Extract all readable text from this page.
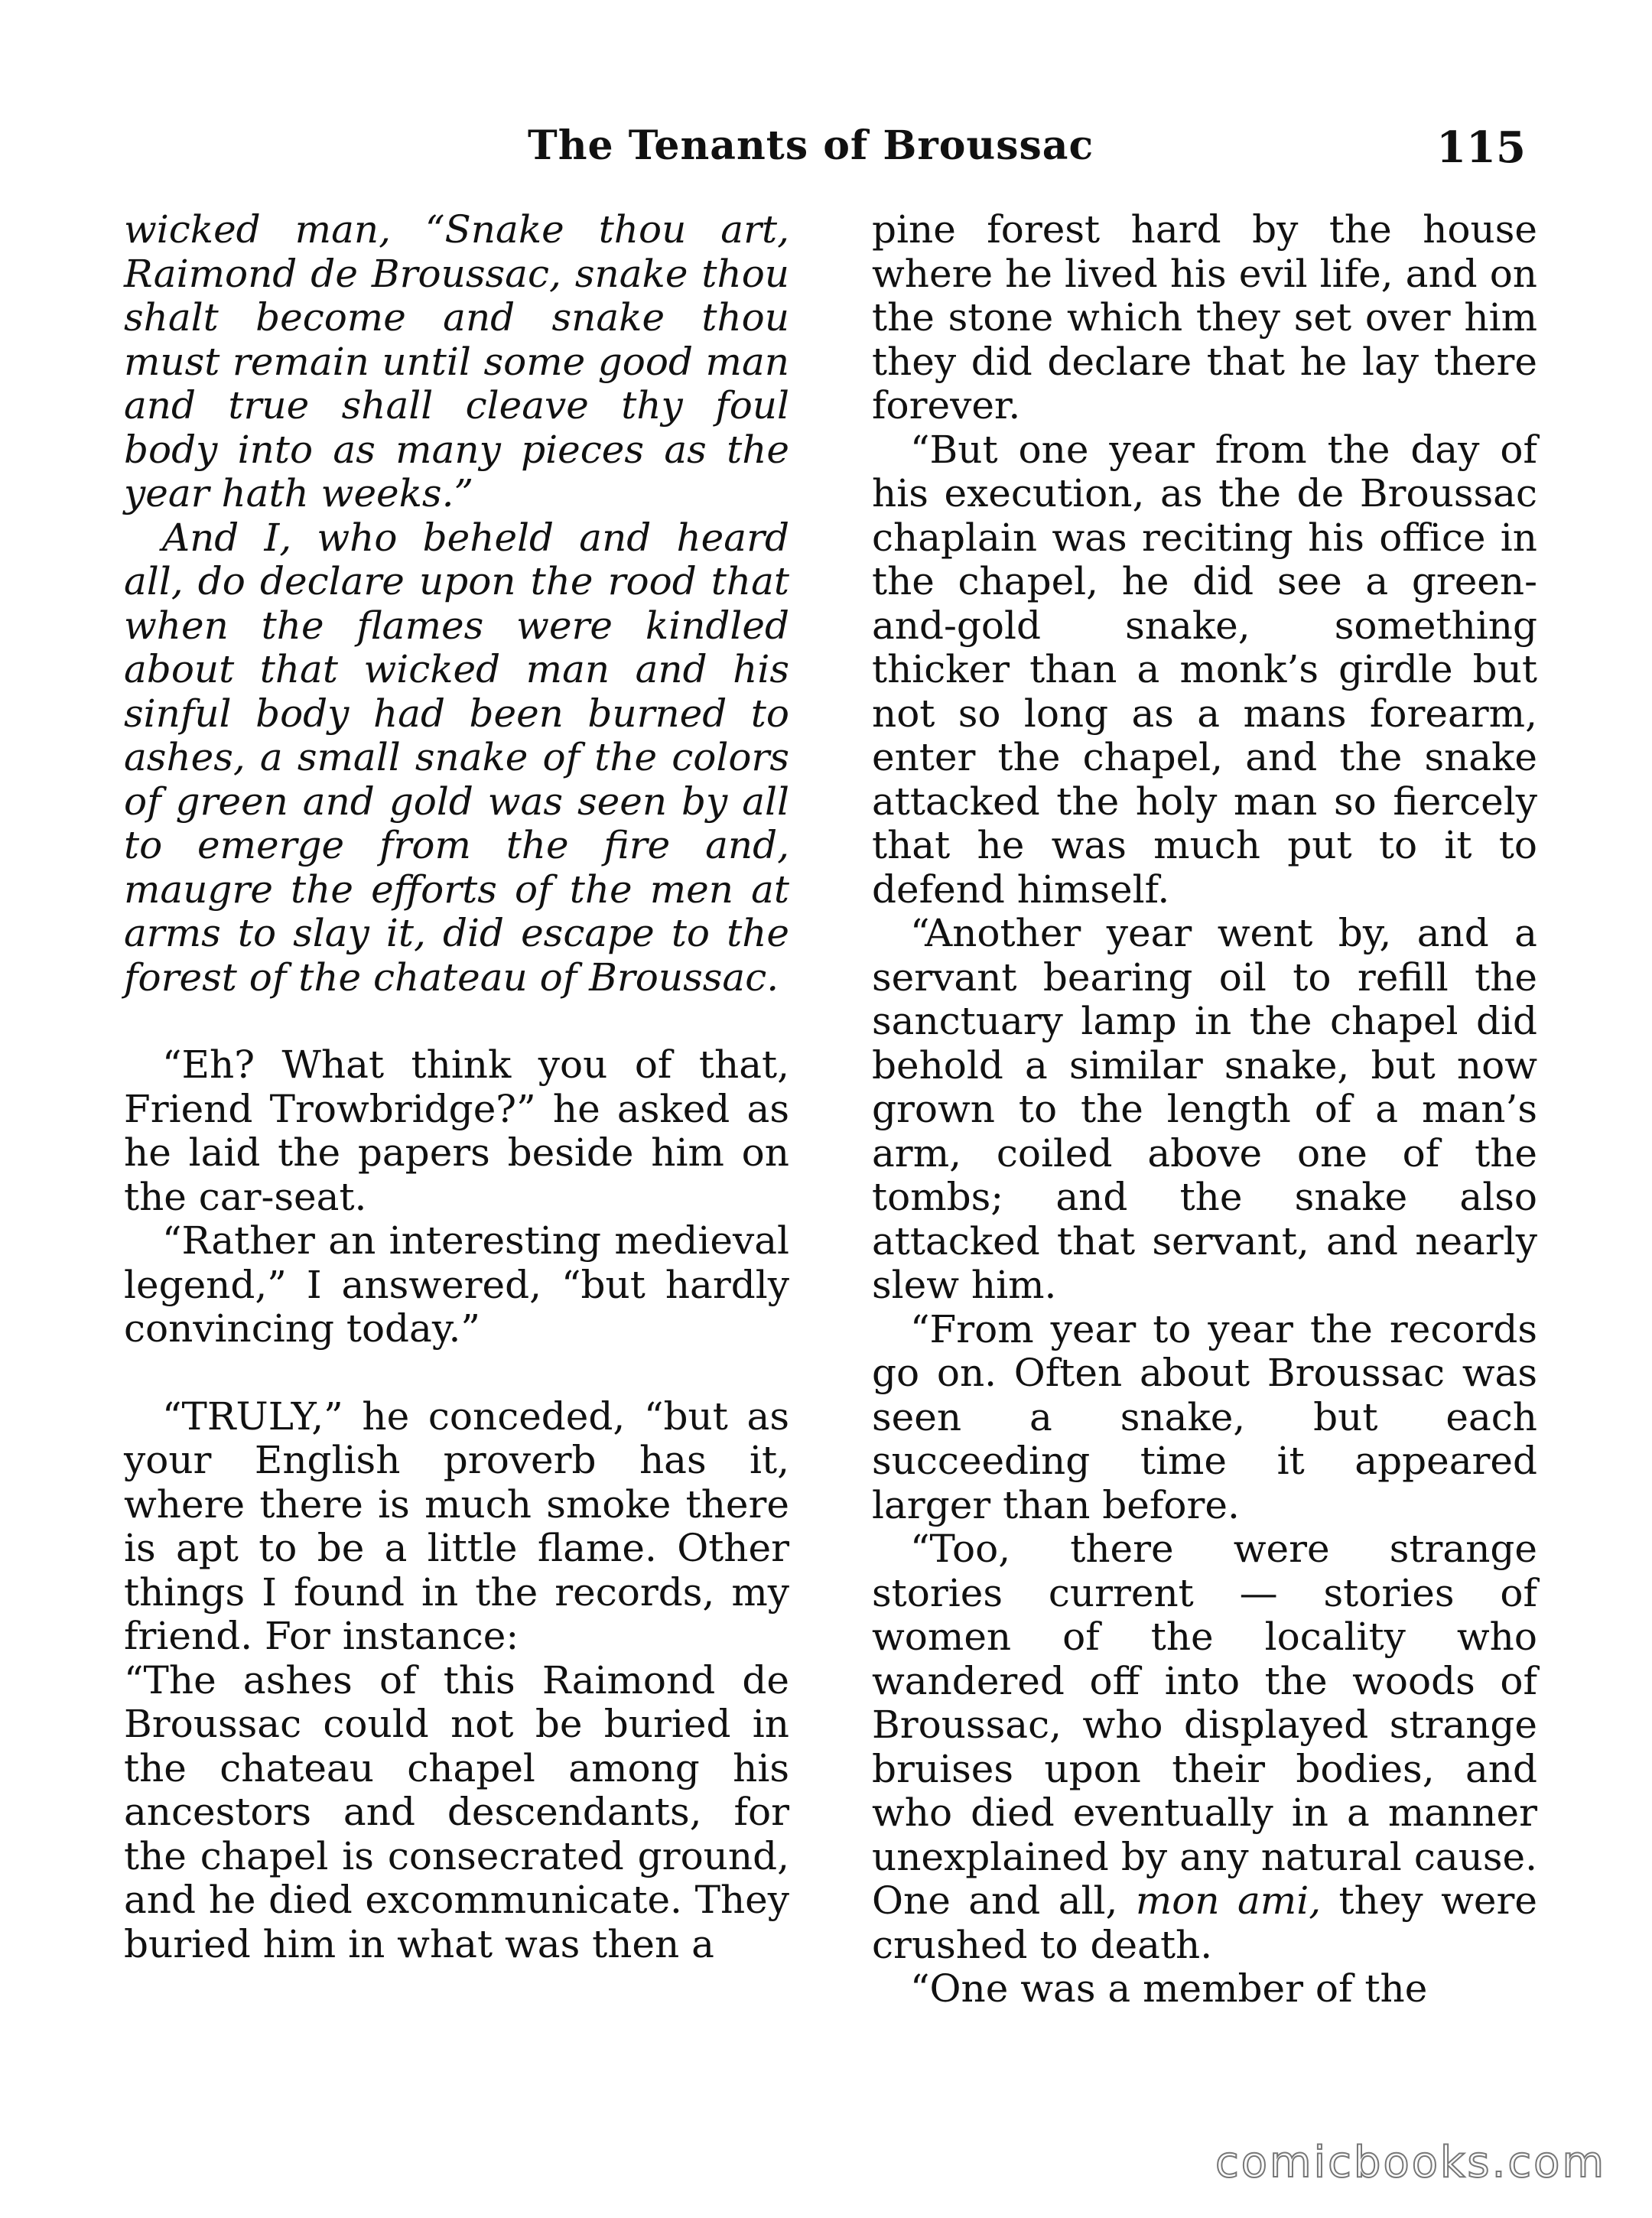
The Tenants of Broussac	115

wicked man, “Snake thou art, Raimond de Broussac, snake thou shalt become and snake thou must remain until some good man and true shall cleave thy foul body into as many pieces as the year hath weeks.”

And I, who beheld and heard all, do declare upon the rood that when the flames were kindled about that wicked man and his sinful body had been burned to ashes, a small snake of the colors of green and gold was seen by all to emerge from the fire and, maugre the efforts of the men at arms to slay it, did escape to the forest of the chateau of Broussac.

“Eh? What think you of that, Friend Trowbridge?” he asked as he laid the papers beside him on the car-seat.

“Rather an interesting medieval legend,” I answered, “but hardly convincing today.”

“TRULY,” he conceded, “but as your English proverb has it, where there is much smoke there is apt to be a little flame. Other things I found in the records, my friend. For instance:

“The ashes of this Raimond de Broussac could not be buried in the chateau chapel among his ancestors and descendants, for the chapel is consecrated ground, and he died excommunicate. They buried him in what was then a

pine forest hard by the house where he lived his evil life, and on the stone which they set over him they did declare that he lay there forever.

“But one year from the day of his execution, as the de Broussac chaplain was reciting his office in the chapel, he did see a green-and-gold snake, something thicker than a monk’s girdle but not so long as a mans forearm, enter the chapel, and the snake attacked the holy man so fiercely that he was much put to it to defend himself.

“Another year went by, and a servant bearing oil to refill the sanctuary lamp in the chapel did behold a similar snake, but now grown to the length of a man’s arm, coiled above one of the tombs; and the snake also attacked that servant, and nearly slew him.

“From year to year the records go on. Often about Broussac was seen a snake, but each succeeding time it appeared larger than before.

“Too, there were strange stories current — stories of women of the locality who wandered off into the woods of Broussac, who displayed strange bruises upon their bodies, and who died eventually in a manner unexplained by any natural cause. One and all, mon ami, they were crushed to death.

“One was a member of the

comicbooks.com
